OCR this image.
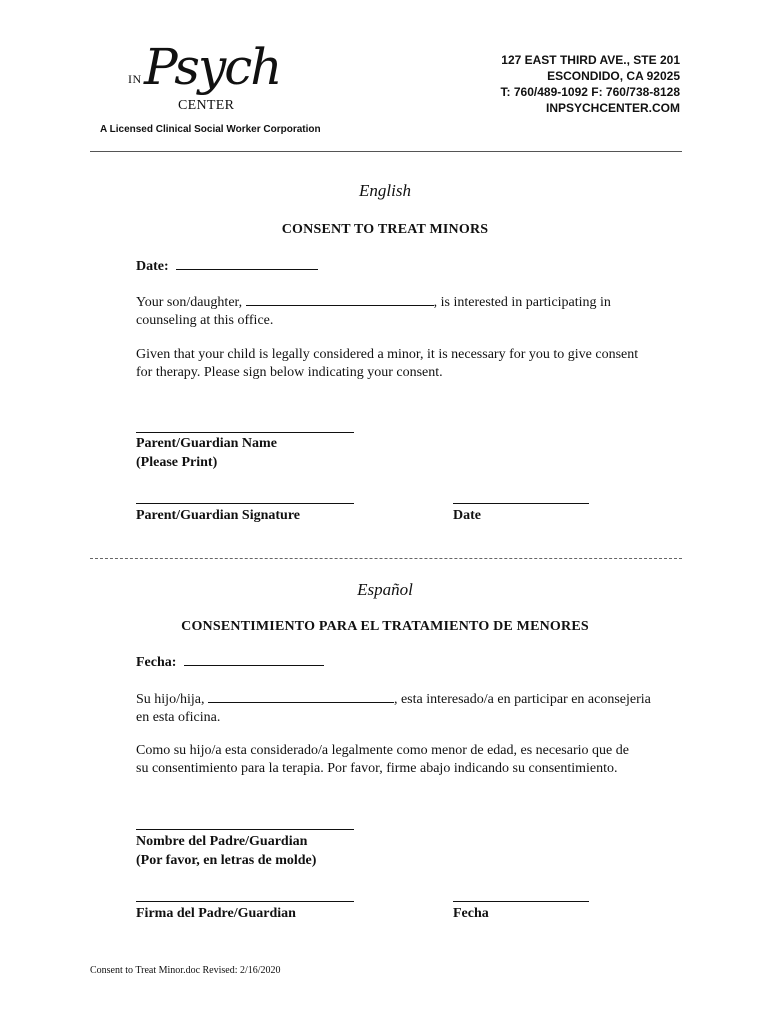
IN Psych
CENTER
A Licensed Clinical Social Worker Corporation
127 EAST THIRD AVE., STE 201
ESCONDIDO, CA 92025
T: 760/489-1092 F: 760/738-8128
INPSYCHCENTER.COM
English
CONSENT TO TREAT MINORS
Date:
Your son/daughter,	, is interested in participating in
counseling at this office.
Given that your child is legally considered a minor, it is necessary for you to give consent
for therapy. Please sign below indicating your consent.
Parent/Guardian Name
(Please Print)
Parent/Guardian Signature	Date
Español
CONSENTIMIENTO PARA EL TRATAMIENTO DE MENORES
Fecha:
Su hijo/hija,	, esta interesado/a en participar en aconsejeria
en esta oficina.
Como su hijo/a esta considerado/a legalmente como menor de edad, es necesario que de
su consentimiento para la terapia. Por favor, firme abajo indicando su consentimiento.
Nombre del Padre/Guardian
(Por favor, en letras de molde)
Firma del Padre/Guardian	Fecha
Consent to Treat Minor.doc Revised: 2/16/2020
